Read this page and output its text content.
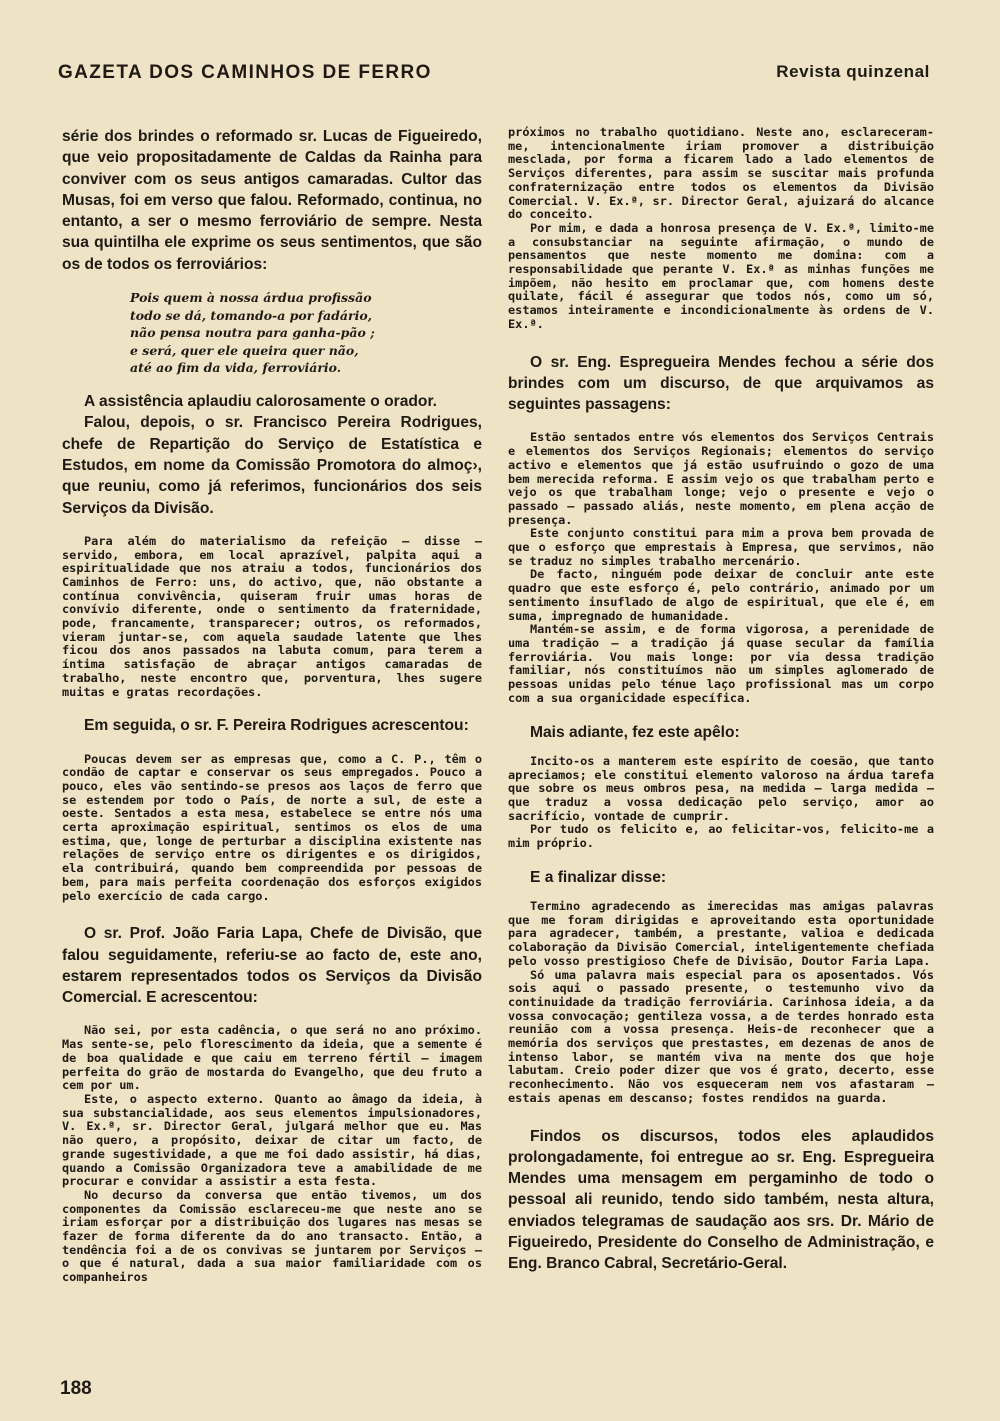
GAZETA DOS CAMINHOS DE FERRO	Revista quinzenal

série dos brindes o reformado sr. Lucas de Figueiredo, que veio propositadamente de Caldas da Rainha para conviver com os seus antigos camaradas. Cultor das Musas, foi em verso que falou. Reformado, continua, no entanto, a ser o mesmo ferroviário de sempre. Nesta sua quintilha ele exprime os seus sentimentos, que são os de todos os ferroviários:

Pois quem à nossa árdua profissão
todo se dá, tomando-a por fadário,
não pensa noutra para ganha-pão ;
e será, quer ele queira quer não,
até ao fim da vida, ferroviário.

A assistência aplaudiu calorosamente o orador.

Falou, depois, o sr. Francisco Pereira Rodrigues, chefe de Repartição do Serviço de Estatística e Estudos, em nome da Comissão Promotora do almoç›, que reuniu, como já referimos, funcionários dos seis Serviços da Divisão.

Para além do materialismo da refeição — disse — servido, embora, em local aprazível, palpita aqui a espiritualidade que nos atraiu a todos, funcionários dos Caminhos de Ferro: uns, do activo, que, não obstante a contínua convivência, quiseram fruir umas horas de convívio diferente, onde o sentimento da fraternidade, pode, francamente, transparecer; outros, os reformados, vieram juntar-se, com aquela saudade latente que lhes ficou dos anos passados na labuta comum, para terem a íntima satisfação de abraçar antigos camaradas de trabalho, neste encontro que, porventura, lhes sugere muitas e gratas recordações.

Em seguida, o sr. F. Pereira Rodrigues acrescentou:

Poucas devem ser as empresas que, como a C. P., têm o condão de captar e conservar os seus empregados. Pouco a pouco, eles vão sentindo-se presos aos laços de ferro que se estendem por todo o País, de norte a sul, de este a oeste. Sentados a esta mesa, estabelece se entre nós uma certa aproximação espiritual, sentimos os elos de uma estima, que, longe de perturbar a disciplina existente nas relações de serviço entre os dirigentes e os dirigidos, ela contribuirá, quando bem compreendida por pessoas de bem, para mais perfeita coordenação dos esforços exigidos pelo exercício de cada cargo.

O sr. Prof. João Faria Lapa, Chefe de Divisão, que falou seguidamente, referiu-se ao facto de, este ano, estarem representados todos os Serviços da Divisão Comercial. E acrescentou:

Não sei, por esta cadência, o que será no ano próximo. Mas sente-se, pelo florescimento da ideia, que a semente é de boa qualidade e que caiu em terreno fértil — imagem perfeita do grão de mostarda do Evangelho, que deu fruto a cem por um.

Este, o aspecto externo. Quanto ao âmago da ideia, à sua substancialidade, aos seus elementos impulsionadores, V. Ex.ª, sr. Director Geral, julgará melhor que eu. Mas não quero, a propósito, deixar de citar um facto, de grande sugestividade, a que me foi dado assistir, há dias, quando a Comissão Organizadora teve a amabilidade de me procurar e convidar a assistir a esta festa.

No decurso da conversa que então tivemos, um dos componentes da Comissão esclareceu-me que neste ano se iriam esforçar por a distribuição dos lugares nas mesas se fazer de forma diferente da do ano transacto. Então, a tendência foi a de os convivas se juntarem por Serviços — o que é natural, dada a sua maior familiaridade com os companheiros

próximos no trabalho quotidiano. Neste ano, esclareceram-me, intencionalmente iriam promover a distribuição mesclada, por forma a ficarem lado a lado elementos de Serviços diferentes, para assim se suscitar mais profunda confraternização entre todos os elementos da Divisão Comercial. V. Ex.ª, sr. Director Geral, ajuizará do alcance do conceito.

Por mim, e dada a honrosa presença de V. Ex.ª, limito-me a consubstanciar na seguinte afirmação, o mundo de pensamentos que neste momento me domina: com a responsabilidade que perante V. Ex.ª as minhas funções me impõem, não hesito em proclamar que, com homens deste quilate, fácil é assegurar que todos nós, como um só, estamos inteiramente e incondicionalmente às ordens de V. Ex.ª.

O sr. Eng. Espregueira Mendes fechou a série dos brindes com um discurso, de que arquivamos as seguintes passagens:

Estão sentados entre vós elementos dos Serviços Centrais e elementos dos Serviços Regionais; elementos do serviço activo e elementos que já estão usufruindo o gozo de uma bem merecida reforma. E assim vejo os que trabalham perto e vejo os que trabalham longe; vejo o presente e vejo o passado — passado aliás, neste momento, em plena acção de presença.

Este conjunto constitui para mim a prova bem provada de que o esforço que emprestais à Empresa, que servimos, não se traduz no simples trabalho mercenário.

De facto, ninguém pode deixar de concluir ante este quadro que este esforço é, pelo contrário, animado por um sentimento insuflado de algo de espiritual, que ele é, em suma, impregnado de humanidade.

Mantém-se assim, e de forma vigorosa, a perenidade de uma tradição — a tradição já quase secular da família ferroviária. Vou mais longe: por via dessa tradição familiar, nós constituímos não um simples aglomerado de pessoas unidas pelo ténue laço profissional mas um corpo com a sua organicidade específica.

Mais adiante, fez este apêlo:

Incito-os a manterem este espírito de coesão, que tanto apreciamos; ele constitui elemento valoroso na árdua tarefa que sobre os meus ombros pesa, na medida — larga medida — que traduz a vossa dedicação pelo serviço, amor ao sacrifício, vontade de cumprir.

Por tudo os felicito e, ao felicitar-vos, felicito-me a mim próprio.

E a finalizar disse:

Termino agradecendo as imerecidas mas amigas palavras que me foram dirigidas e aproveitando esta oportunidade para agradecer, também, a prestante, valioa e dedicada colaboração da Divisão Comercial, inteligentemente chefiada pelo vosso prestigioso Chefe de Divisão, Doutor Faria Lapa.

Só uma palavra mais especial para os aposentados. Vós sois aqui o passado presente, o testemunho vivo da continuidade da tradição ferroviária. Carinhosa ideia, a da vossa convocação; gentileza vossa, a de terdes honrado esta reunião com a vossa presença. Heis-de reconhecer que a memória dos serviços que prestastes, em dezenas de anos de intenso labor, se mantém viva na mente dos que hoje labutam. Creio poder dizer que vos é grato, decerto, esse reconhecimento. Não vos esqueceram nem vos afastaram — estais apenas em descanso; fostes rendidos na guarda.

Findos os discursos, todos eles aplaudidos prolongadamente, foi entregue ao sr. Eng. Espregueira Mendes uma mensagem em pergaminho de todo o pessoal ali reunido, tendo sido também, nesta altura, enviados telegramas de saudação aos srs. Dr. Mário de Figueiredo, Presidente do Conselho de Administração, e Eng. Branco Cabral, Secretário-Geral.

188
